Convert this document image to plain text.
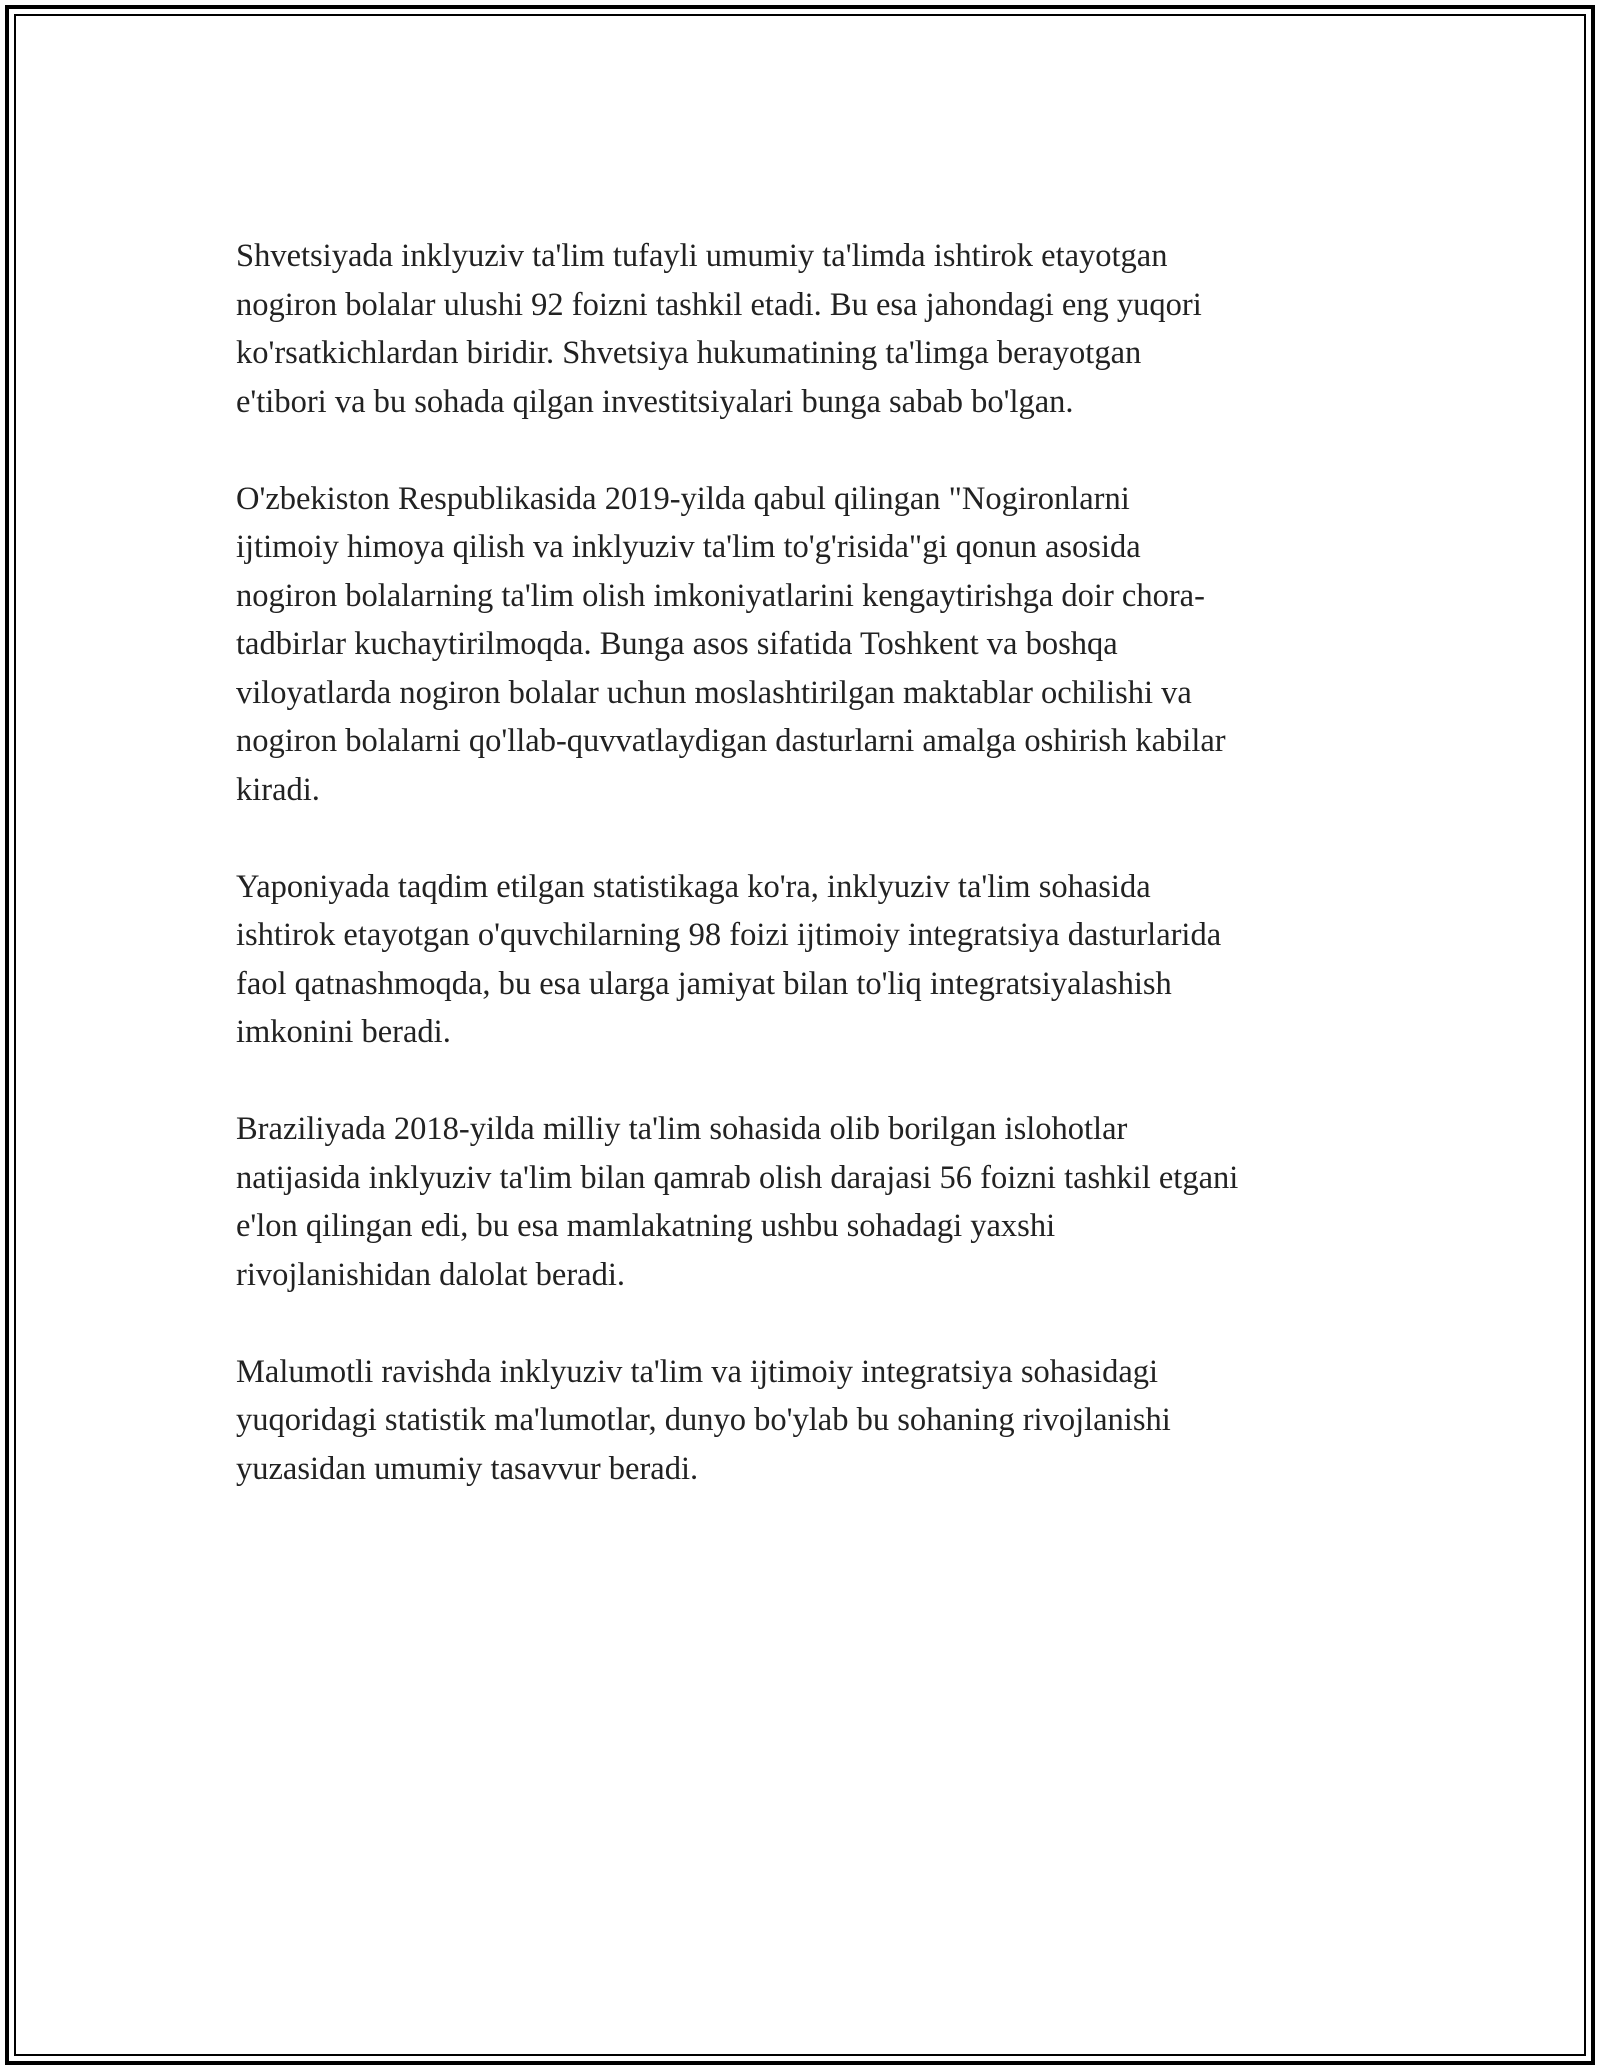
Shvetsiyada inklyuziv ta'lim tufayli umumiy ta'limda ishtirok etayotgan
nogiron bolalar ulushi 92 foizni tashkil etadi. Bu esa jahondagi eng yuqori
ko'rsatkichlardan biridir. Shvetsiya hukumatining ta'limga berayotgan
e'tibori va bu sohada qilgan investitsiyalari bunga sabab bo'lgan.

O'zbekiston Respublikasida 2019-yilda qabul qilingan "Nogironlarni
ijtimoiy himoya qilish va inklyuziv ta'lim to'g'risida"gi qonun asosida
nogiron bolalarning ta'lim olish imkoniyatlarini kengaytirishga doir chora-
tadbirlar kuchaytirilmoqda. Bunga asos sifatida Toshkent va boshqa
viloyatlarda nogiron bolalar uchun moslashtirilgan maktablar ochilishi va
nogiron bolalarni qo'llab-quvvatlaydigan dasturlarni amalga oshirish kabilar
kiradi.

Yaponiyada taqdim etilgan statistikaga ko'ra, inklyuziv ta'lim sohasida
ishtirok etayotgan o'quvchilarning 98 foizi ijtimoiy integratsiya dasturlarida
faol qatnashmoqda, bu esa ularga jamiyat bilan to'liq integratsiyalashish
imkonini beradi.

Braziliyada 2018-yilda milliy ta'lim sohasida olib borilgan islohotlar
natijasida inklyuziv ta'lim bilan qamrab olish darajasi 56 foizni tashkil etgani
e'lon qilingan edi, bu esa mamlakatning ushbu sohadagi yaxshi
rivojlanishidan dalolat beradi.

Malumotli ravishda inklyuziv ta'lim va ijtimoiy integratsiya sohasidagi
yuqoridagi statistik ma'lumotlar, dunyo bo'ylab bu sohaning rivojlanishi
yuzasidan umumiy tasavvur beradi.
